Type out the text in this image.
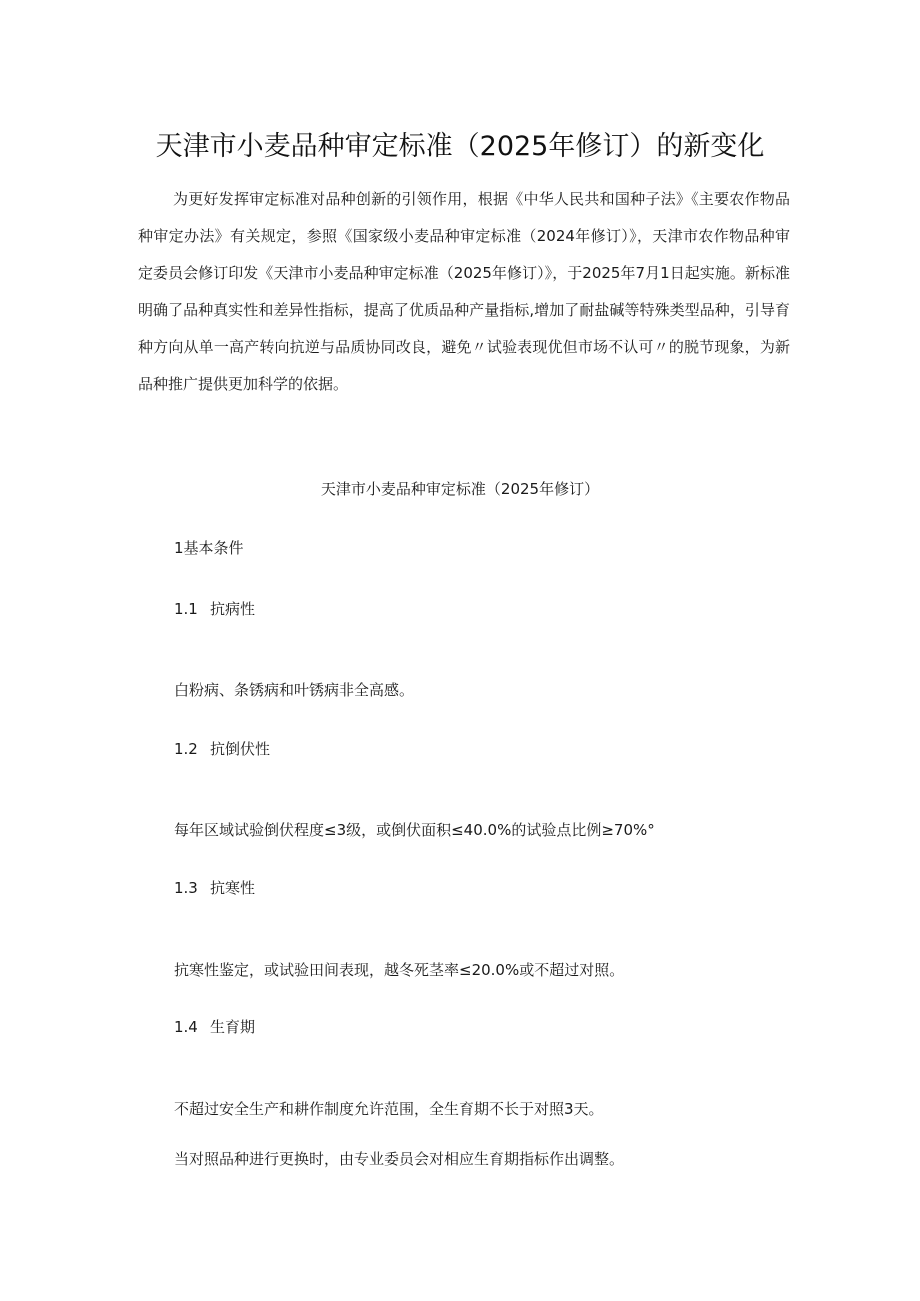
天津市小麦品种审定标准（2025年修订）的新变化

为更好发挥审定标准对品种创新的引领作用，根据《中华人民共和国种子法》《主要农作物品种审定办法》有关规定，参照《国家级小麦品种审定标准（2024年修订）》，天津市农作物品种审定委员会修订印发《天津市小麦品种审定标准（2025年修订）》，于2025年7月1日起实施。新标准明确了品种真实性和差异性指标，提高了优质品种产量指标,增加了耐盐碱等特殊类型品种，引导育种方向从单一高产转向抗逆与品质协同改良，避免〃试验表现优但市场不认可〃的脱节现象，为新品种推广提供更加科学的依据。

天津市小麦品种审定标准（2025年修订）

1基本条件

1.1 抗病性

白粉病、条锈病和叶锈病非全高感。

1.2 抗倒伏性

每年区域试验倒伏程度≤3级，或倒伏面积≤40.0%的试验点比例≥70%°

1.3 抗寒性

抗寒性鉴定，或试验田间表现，越冬死茎率≤20.0%或不超过对照。

1.4 生育期

不超过安全生产和耕作制度允许范围，全生育期不长于对照3天。

当对照品种进行更换时，由专业委员会对相应生育期指标作出调整。
